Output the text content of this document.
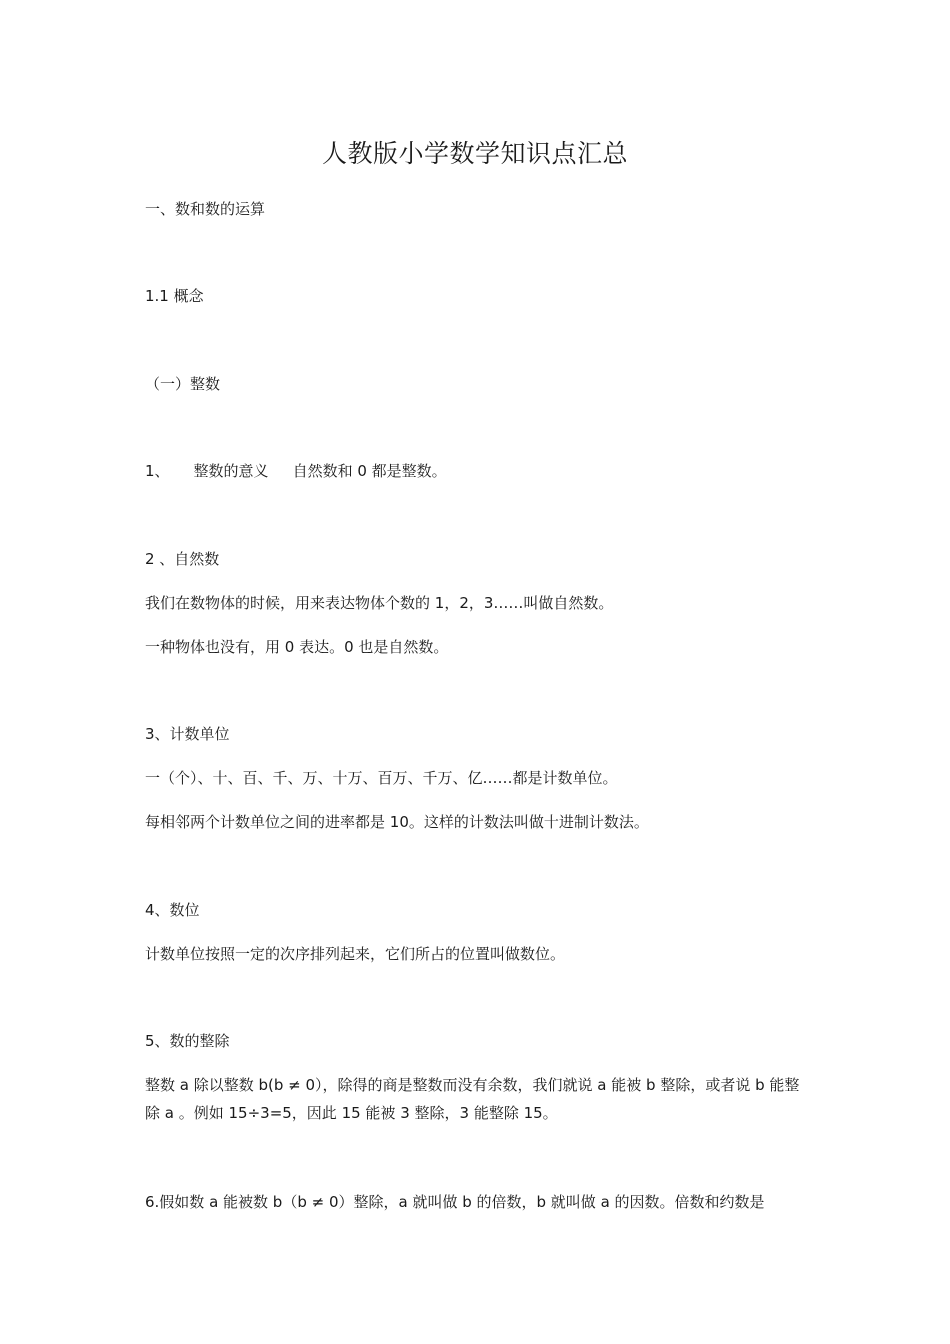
人教版小学数学知识点汇总
一、数和数的运算
1.1 概念
（一）整数
1、 整数的意义 自然数和 0 都是整数。
2 、自然数
我们在数物体的时候，用来表达物体个数的 1，2，3……叫做自然数。
一种物体也没有，用 0 表达。0 也是自然数。
3、计数单位
一（个）、十、百、千、万、十万、百万、千万、亿……都是计数单位。
每相邻两个计数单位之间的进率都是 10。这样的计数法叫做十进制计数法。
4、数位
计数单位按照一定的次序排列起来，它们所占的位置叫做数位。
5、数的整除
整数 a 除以整数 b(b ≠ 0），除得的商是整数而没有余数，我们就说 a 能被 b 整除，或者说 b 能整除 a 。例如 15÷3=5，因此 15 能被 3 整除，3 能整除 15。
6.假如数 a 能被数 b（b ≠ 0）整除，a 就叫做 b 的倍数，b 就叫做 a 的因数。倍数和约数是
